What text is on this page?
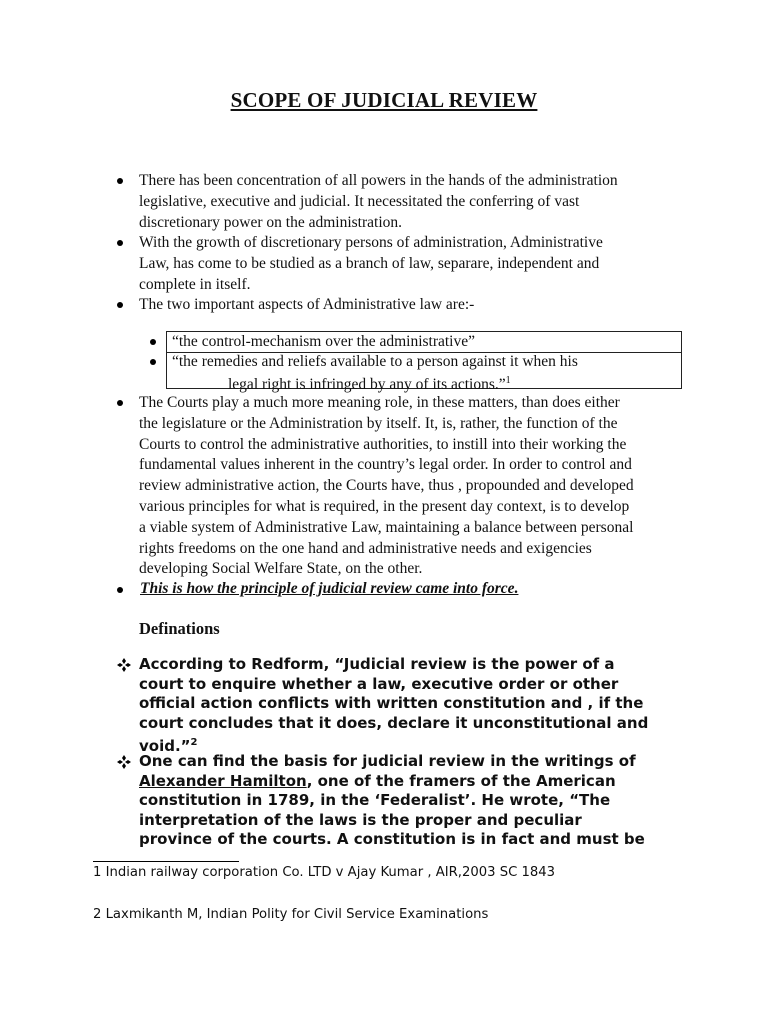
SCOPE OF JUDICIAL REVIEW
There has been concentration of all powers in the hands of the administration
legislative, executive and judicial. It necessitated the conferring of vast
discretionary power on the administration.
With the growth of discretionary persons of administration, Administrative
Law, has come to be studied as a branch of law, separare, independent and
complete in itself.
The two important aspects of Administrative law are:-
“the control-mechanism over the administrative”
“the remedies and reliefs available to a person against it when his
legal right is infringed by any of its actions.”$^1$
The Courts play a much more meaning role, in these matters, than does either
the legislature or the Administration by itself. It, is, rather, the function of the
Courts to control the administrative authorities, to instill into their working the
fundamental values inherent in the country’s legal order. In order to control and
review administrative action, the Courts have, thus , propounded and developed
various principles for what is required, in the present day context, is to develop
a viable system of Administrative Law, maintaining a balance between personal
rights freedoms on the one hand and administrative needs and exigencies
developing Social Welfare State, on the other.
This is how the principle of judicial review came into force.
Definations
According to Redform, “Judicial review is the power of a
court to enquire whether a law, executive order or other
official action conflicts with written constitution and , if the
court concludes that it does, declare it unconstitutional and
void.”$^2$
One can find the basis for judicial review in the writings of
Alexander Hamilton, one of the framers of the American
constitution in 1789, in the ‘Federalist’. He wrote, “The
interpretation of the laws is the proper and peculiar
province of the courts. A constitution is in fact and must be
1 Indian railway corporation Co. LTD v Ajay Kumar , AIR,2003 SC 1843
2 Laxmikanth M, Indian Polity for Civil Service Examinations
